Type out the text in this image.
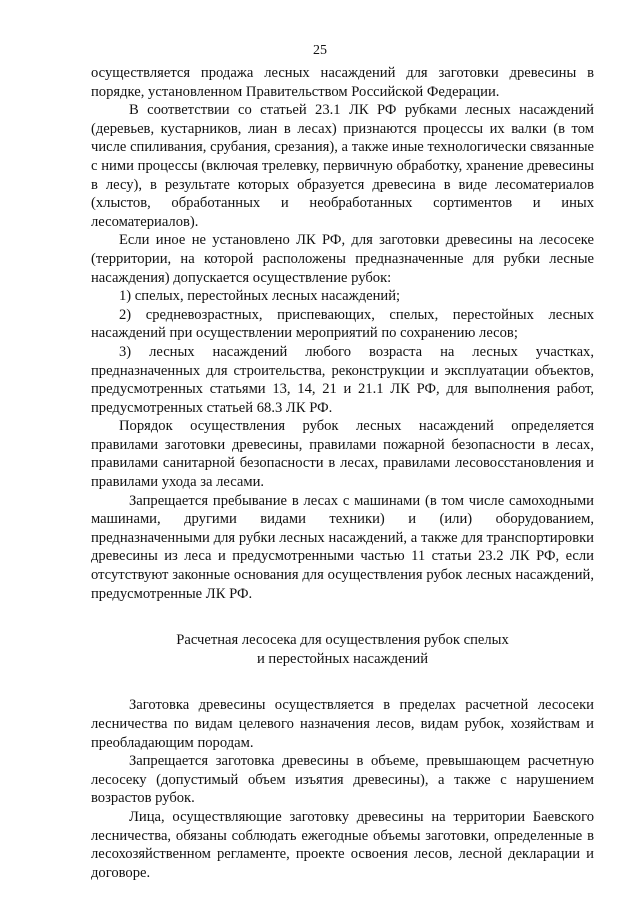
25

осуществляется продажа лесных насаждений для заготовки древесины в порядке, установленном Правительством Российской Федерации.

В соответствии со статьей 23.1 ЛК РФ рубками лесных насаждений (деревьев, кустарников, лиан в лесах) признаются процессы их валки (в том числе спиливания, срубания, срезания), а также иные технологически связанные с ними процессы (включая трелевку, первичную обработку, хранение древесины в лесу), в результате которых образуется древесина в виде лесоматериалов (хлыстов, обработанных и необработанных сортиментов и иных лесоматериалов).

Если иное не установлено ЛК РФ, для заготовки древесины на лесосеке (территории, на которой расположены предназначенные для рубки лесные насаждения) допускается осуществление рубок:

1) спелых, перестойных лесных насаждений;

2) средневозрастных, приспевающих, спелых, перестойных лесных насаждений при осуществлении мероприятий по сохранению лесов;

3) лесных насаждений любого возраста на лесных участках, предназначенных для строительства, реконструкции и эксплуатации объектов, предусмотренных статьями 13, 14, 21 и 21.1 ЛК РФ, для выполнения работ, предусмотренных статьей 68.3 ЛК РФ.

Порядок осуществления рубок лесных насаждений определяется правилами заготовки древесины, правилами пожарной безопасности в лесах, правилами санитарной безопасности в лесах, правилами лесовосстановления и правилами ухода за лесами.

Запрещается пребывание в лесах с машинами (в том числе самоходными машинами, другими видами техники) и (или) оборудованием, предназначенными для рубки лесных насаждений, а также для транспортировки древесины из леса и предусмотренными частью 11 статьи 23.2 ЛК РФ, если отсутствуют законные основания для осуществления рубок лесных насаждений, предусмотренные ЛК РФ.

Расчетная лесосека для осуществления рубок спелых
и перестойных насаждений

Заготовка древесины осуществляется в пределах расчетной лесосеки лесничества по видам целевого назначения лесов, видам рубок, хозяйствам и преобладающим породам.

Запрещается заготовка древесины в объеме, превышающем расчетную лесосеку (допустимый объем изъятия древесины), а также с нарушением возрастов рубок.

Лица, осуществляющие заготовку древесины на территории Баевского лесничества, обязаны соблюдать ежегодные объемы заготовки, определенные в лесохозяйственном регламенте, проекте освоения лесов, лесной декларации и договоре.
